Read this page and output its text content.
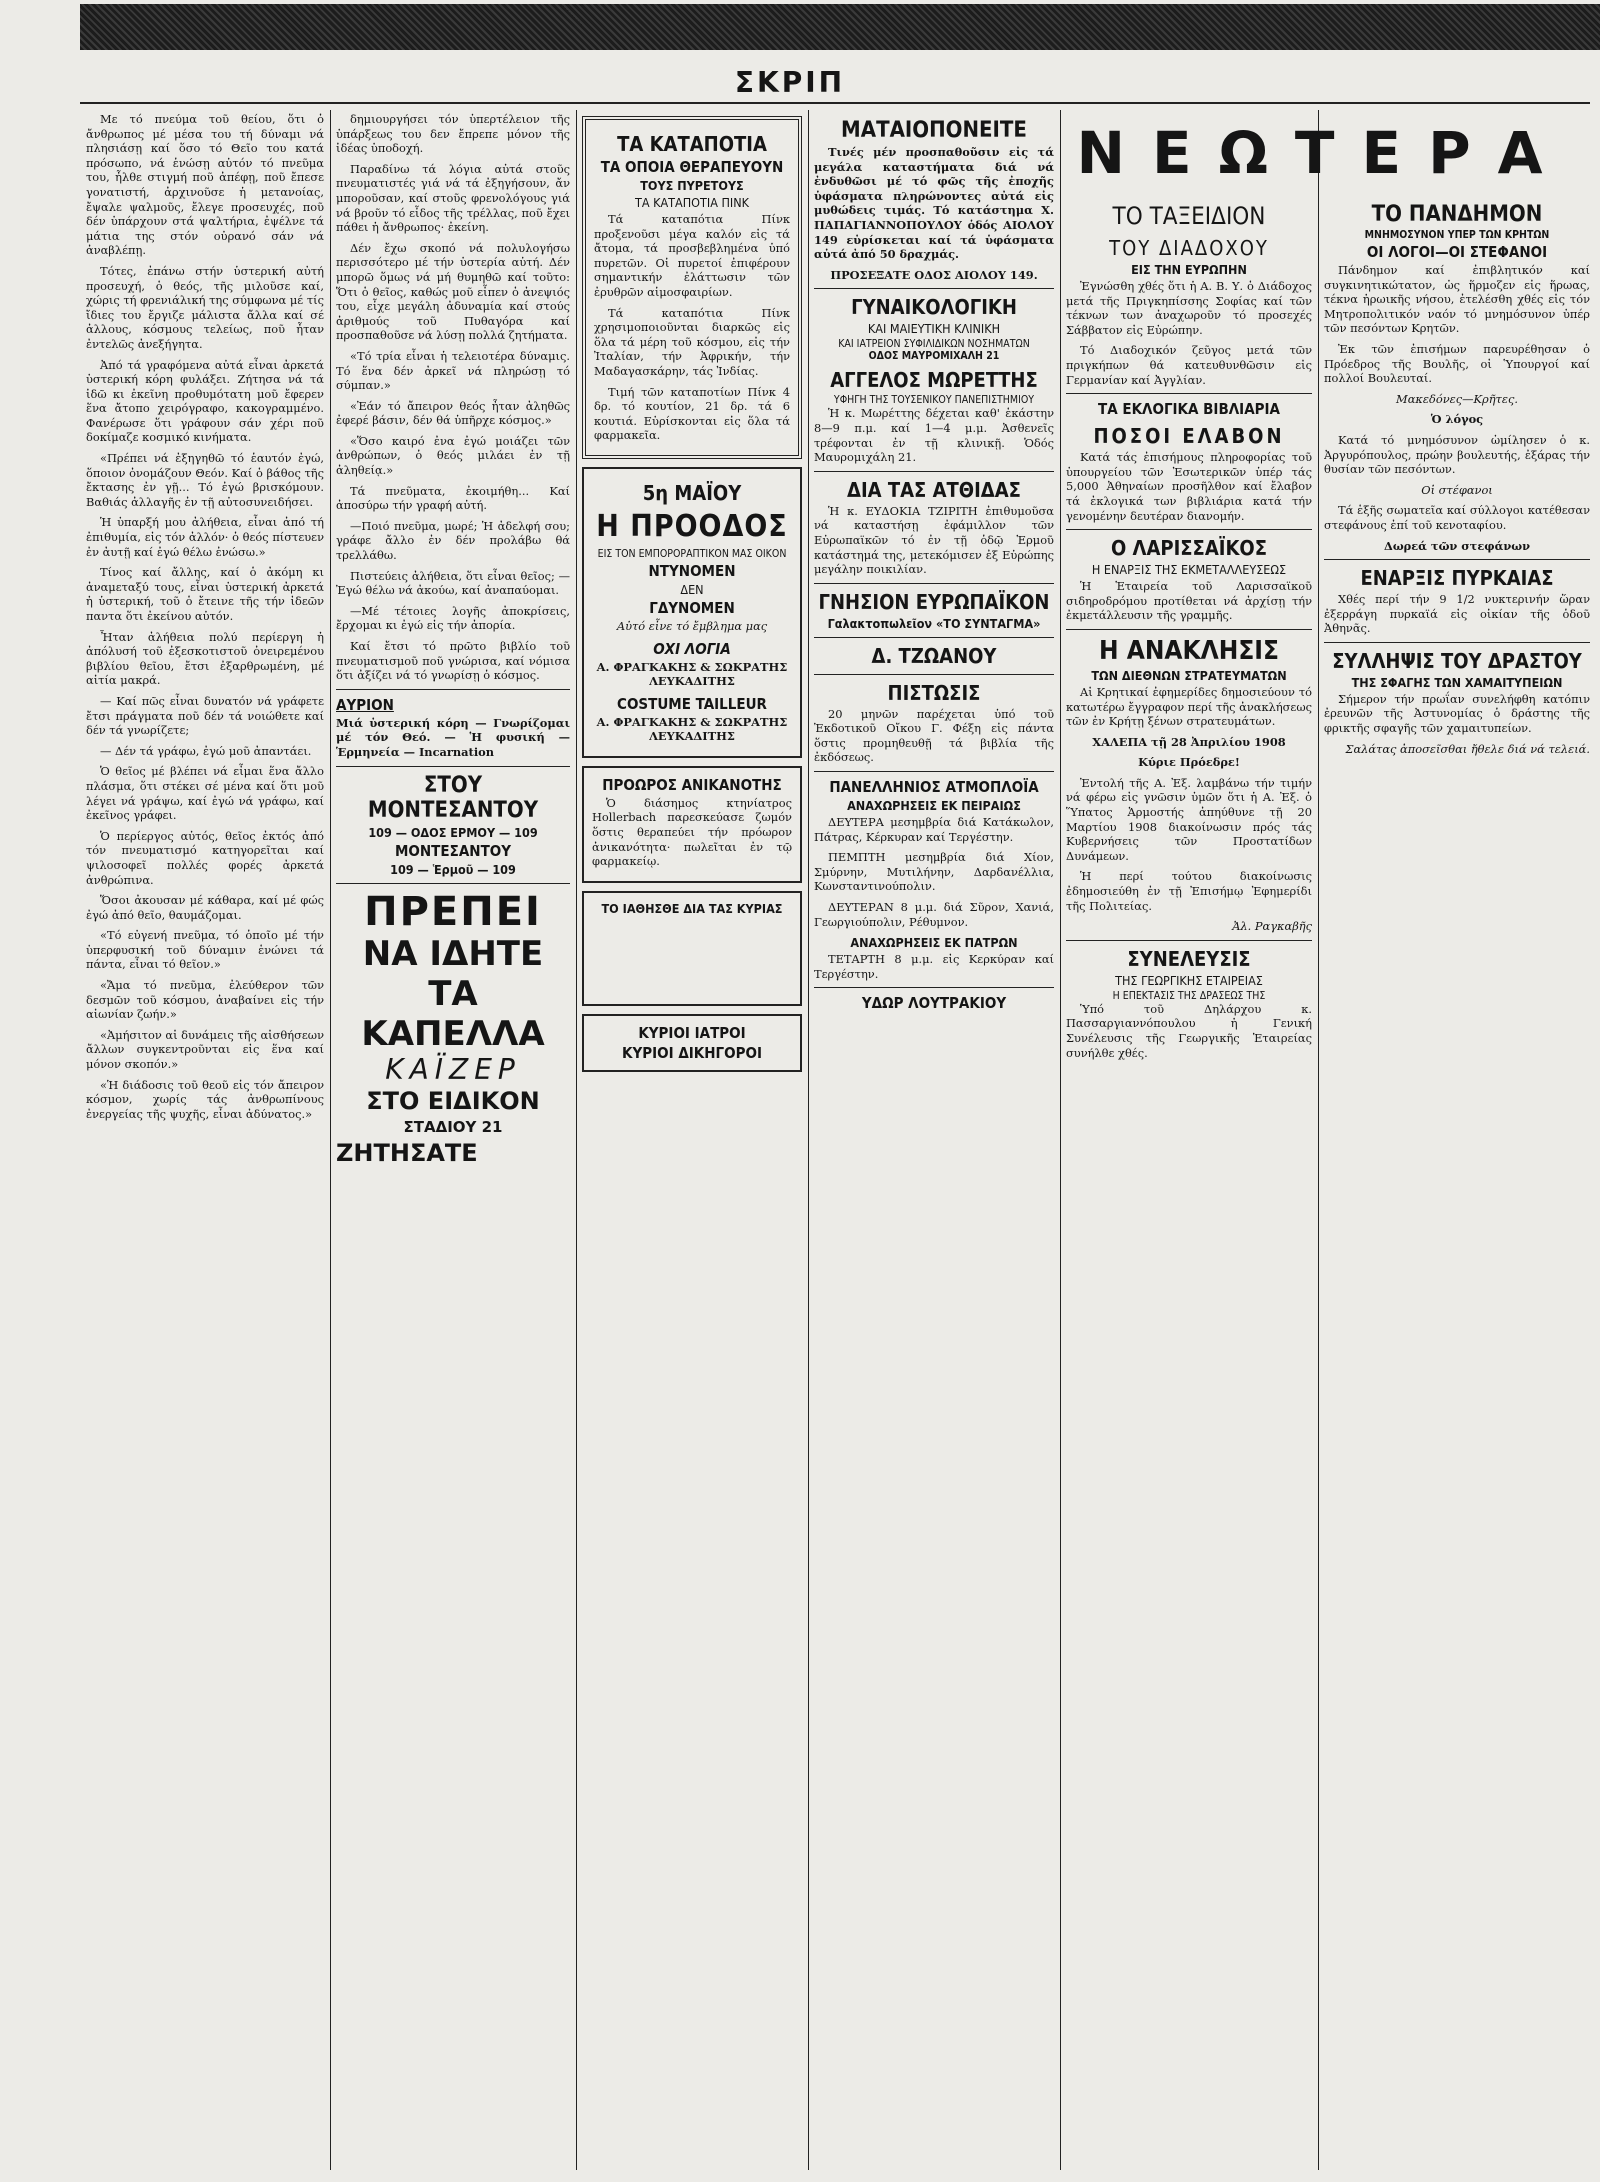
ΣΚΡΙΠ

Με τό πνεύμα τοῦ θείου, ὅτι ὁ ἄνθρωπος μέ μέσα του τή δύναμι νά πλησιάσῃ καί ὅσο τό Θεῖο του κατά πρόσωπο, νά ἑνώσῃ αὐτόν τό πνεῦμα του, ἦλθε στιγμή ποῦ ἀπέφῃ, ποῦ ἔπεσε γονατιστή, ἀρχινοῦσε ἡ μετανοίας, ἔψαλε ψαλμοῦς, ἔλεγε προσευχές, ποῦ δέν ὑπάρχουν στά ψαλτήρια, ἐψέλνε τά μάτια της στόν οὐρανό σάν νά ἀναβλέπῃ.

Τότες, ἐπάνω στήν ὑστερική αὐτή προσευχή, ὁ θεός, τῆς μιλοῦσε καί, χώρις τή φρενιάλική της σύμφωνα μέ τίς ἴδιες του ἔργιζε μάλιστα ἄλλα καί σέ ἀλλους, κόσμους τελείως, ποῦ ἦταν ἐντελῶς ἀνεξήγητα.

Ἀπό τά γραφόμενα αὐτά εἶναι ἀρκετά ὑστερική κόρη φυλάξει. Ζήτησα νά τά ἰδῶ κι ἐκεῖνη προθυμότατη μοῦ ἔφερεν ἕνα ἄτοπο χειρόγραφο, κακογραμμένο. Φανέρωσε ὅτι γράφουν σάν χέρι ποῦ δοκίμαζε κοσμικό κινήματα.

«Πρέπει νά ἐξηγηθῶ τό ἑαυτόν ἐγώ, ὅποιον ὀνομάζουν Θεόν. Καί ὁ βάθος τῆς ἔκτασης ἐν γῇ... Τό ἐγώ βρισκόμουν. Βαθιάς ἀλλαγῆς ἐν τῇ αὐτοσυνειδήσει.

Ἡ ὑπαρξή μου ἀλήθεια, εἶναι ἀπό τή ἐπιθυμία, εἰς τόν ἀλλόν· ὁ θεός πίστευεν ἐν ἀυτῇ καί ἐγώ θέλω ἐνώσω.»

Τίνος καί ἄλλης, καί ὁ ἀκόμη κι ἀναμεταξύ τους, εἶναι ὑστερική ἀρκετά ἡ ὑστερική, τοῦ ὁ ἔτεινε τῆς τήν ἰδεῶν παντα ὅτι ἐκείνου αὐτόν.

Ἦταν ἀλήθεια πολύ περίεργη ἡ ἀπόλυσή τοῦ ἐξεσκοτιστοῦ ὀνειρεμένου βιβλίου θεῖου, ἔτσι ἐξαρθρωμένη, μέ αἰτία μακρά.

— Καί πῶς εἶναι δυνατόν νά γράφετε ἔτσι πράγματα ποῦ δέν τά νοιώθετε καί δέν τά γνωρίζετε;

— Δέν τά γράφω, ἐγώ μοῦ ἀπαντάει.

Ὁ θεῖος μέ βλέπει νά εἶμαι ἕνα ἄλλο πλάσμα, ὅτι στέκει σέ μένα καί ὅτι μοῦ λέγει νά γράψω, καί ἐγώ νά γράφω, καί ἐκεῖνος γράφει.

Ὁ περίεργος αὐτός, θεῖος ἐκτός ἀπό τόν πνευματισμό κατηγορεῖται καί ψιλοσοφεῖ πολλές φορές ἀρκετά ἀνθρώπινα.

Ὅσοι ἀκουσαν μέ κάθαρα, καί μέ φώς ἐγώ ἀπό θεῖο, θαυμάζομαι.

«Τό εὐγενή πνεῦμα, τό ὁποῖο μέ τήν ὑπερφυσική τοῦ δύναμιν ἑνώνει τά πάντα, εἶναι τό θεῖον.»

«Ἄμα τό πνεῦμα, ἐλεύθερον τῶν δεσμῶν τοῦ κόσμου, ἀναβαίνει εἰς τήν αἰωνίαν ζωήν.»

«Ἀμήσιτον αἱ δυνάμεις τῆς αἰσθήσεων ἄλλων συγκεντροῦνται εἰς ἕνα καί μόνον σκοπόν.»

«Ἡ διάδοσις τοῦ θεοῦ εἰς τόν ἄπειρον κόσμον, χωρίς τάς ἀνθρωπίνους ἐνεργείας τῆς ψυχῆς, εἶναι ἀδύνατος.»

δημιουργήσει τόν ὑπερτέλειον τῆς ὑπάρξεως του δεν ἔπρεπε μόνον τῆς ἰδέας ὑποδοχή.

Παραδίνω τά λόγια αὐτά στοῦς πνευματιστές γιά νά τά ἐξηγήσουν, ἄν μποροῦσαν, καί στοῦς φρενολόγους γιά νά βροῦν τό εἶδος τῆς τρέλλας, ποῦ ἔχει πάθει ἡ ἄνθρωπος· ἐκείνη.

Δέν ἔχω σκοπό νά πολυλογήσω περισσότερο μέ τήν ὑστερία αὐτή. Δέν μπορῶ ὅμως νά μή θυμηθῶ καί τοῦτο: Ὅτι ὁ θεῖος, καθώς μοῦ εἶπεν ὁ ἀνεψιός του, εἶχε μεγάλη ἀδυναμία καί στούς ἀριθμούς τοῦ Πυθαγόρα καί προσπαθοῦσε νά λύσῃ πολλά ζητήματα.

«Τό τρία εἶναι ἡ τελειοτέρα δύναμις. Τό ἕνα δέν ἀρκεῖ νά πληρώσῃ τό σύμπαν.»

«Ἐάν τό ἄπειρον θεός ἦταν ἀληθῶς ἐφερέ βάσιν, δέν θά ὑπῆρχε κόσμος.»

«Ὅσο καιρό ἐνα ἐγώ μοιάζει τῶν ἀνθρώπων, ὁ θεός μιλάει ἐν τῇ ἀληθείᾳ.»

Τά πνεῦματα, ἐκοιμήθη... Καί ἀποσύρω τήν γραφή αὐτή.

—Ποιό πνεῦμα, μωρέ; Ἡ ἀδελφή σου; γράφε ἄλλο ἐν δέν προλάβω θά τρελλάθω.

Πιστεύεις ἀλήθεια, ὅτι εἶναι θεῖος; — Ἐγώ θέλω νά ἀκούω, καί ἀναπαύομαι.

—Μέ τέτοιες λογῆς ἀποκρίσεις, ἔρχομαι κι ἐγώ εἰς τήν ἀπορία.

Καί ἔτσι τό πρῶτο βιβλίο τοῦ πνευματισμοῦ ποῦ γνώρισα, καί νόμισα ὅτι ἀξίζει νά τό γνωρίσῃ ὁ κόσμος.

ΑΥΡΙΟΝ

Μιά ὑστερική κόρη — Γνωρίζομαι μέ τόν Θεό. — Ἡ φυσική — Ἑρμηνεία — Incarnation

ΣΤΟΥ ΜΟΝΤΕΣΑΝΤΟΥ
109 — ΟΔΟΣ ΕΡΜΟΥ — 109
ΜΟΝΤΕΣΑΝΤΟΥ
109 — Ἑρμοῦ — 109
ΠΡΕΠΕΙ
ΝΑ ΙΔΗΤΕ
ΤΑ ΚΑΠΕΛΛΑ
ΚΑΪΖΕΡ
ΣΤΟ ΕΙΔΙΚΟΝ
ΣΤΑΔΙΟΥ 21
ΖΗΤΗΣΑΤΕ
ΤΑ ΚΑΤΑΠΟΤΙΑ
ΤΑ ΟΠΟΙΑ ΘΕΡΑΠΕΥΟΥΝ
ΤΟΥΣ ΠΥΡΕΤΟΥΣ
ΤΑ ΚΑΤΑΠΟΤΙΑ ΠΙΝΚ

Τά καταπότια Πίνκ προξενοῦσι μέγα καλόν εἰς τά ἄτομα, τά προσβεβλημένα ὑπό πυρετῶν. Οἱ πυρετοί ἐπιφέρουν σημαντικήν ἐλάττωσιν τῶν ἐρυθρῶν αἱμοσφαιρίων.

Τά καταπότια Πίνκ χρησιμοποιοῦνται διαρκῶς εἰς ὅλα τά μέρη τοῦ κόσμου, εἰς τήν Ἰταλίαν, τήν Ἀφρικήν, τήν Μαδαγασκάρην, τάς Ἰνδίας.

Τιμή τῶν καταποτίων Πίνκ 4 δρ. τό κουτίον, 21 δρ. τά 6 κουτιά. Εὑρίσκονται εἰς ὅλα τά φαρμακεῖα.

5η ΜΑΪΟΥ
Η ΠΡΟΟΔΟΣ
ΕΙΣ ΤΟΝ ΕΜΠΟΡΟΡΑΠΤΙΚΟΝ ΜΑΣ ΟΙΚΟΝ
ΝΤΥΝΟΜΕΝ
ΔΕΝ
ΓΔΥΝΟΜΕΝ

Αὐτό εἶνε τό ἔμβλημα μας

ΟΧΙ ΛΟΓΙΑ

Α. ΦΡΑΓΚΑΚΗΣ & ΣΩΚΡΑΤΗΣ ΛΕΥΚΑΔΙΤΗΣ

COSTUME TAILLEUR

Α. ΦΡΑΓΚΑΚΗΣ & ΣΩΚΡΑΤΗΣ ΛΕΥΚΑΔΙΤΗΣ

ΠΡΟΩΡΟΣ ΑΝΙΚΑΝΟΤΗΣ

Ὁ διάσημος κτηνίατρος Hollerbach παρεσκεύασε ζωμόν ὅστις θεραπεύει τήν πρόωρον ἀνικανότητα· πωλεῖται ἐν τῷ φαρμακείῳ.

ΤΟ ΙΑΘΗΣΘΕ ΔΙΑ ΤΑΣ ΚΥΡΙΑΣ
ΚΥΡΙΟΙ ΙΑΤΡΟΙ
ΚΥΡΙΟΙ ΔΙΚΗΓΟΡΟΙ
ΜΑΤΑΙΟΠΟΝΕΙΤΕ

Τινές μέν προσπαθοῦσιν εἰς τά μεγάλα καταστήματα διά νά ἐνδυθῶσι μέ τό φῶς τῆς ἐποχῆς ὑφάσματα πληρώνοντες αὐτά εἰς μυθώδεις τιμάς. Τό κατάστημα Χ. ΠΑΠΑΓΙΑΝΝΟΠΟΥΛΟΥ ὁδός ΑΙΟΛΟΥ 149 εὑρίσκεται καί τά ὑφάσματα αὐτά ἀπό 50 δραχμάς.

ΠΡΟΣΕΞΑΤΕ ΟΔΟΣ ΑΙΟΛΟΥ 149.

ΓΥΝΑΙΚΟΛΟΓΙΚΗ
ΚΑΙ ΜΑΙΕΥΤΙΚΗ ΚΛΙΝΙΚΗ
ΚΑΙ ΙΑΤΡΕΙΟΝ ΣΥΦΙΛΙΔΙΚΩΝ ΝΟΣΗΜΑΤΩΝ
ΟΔΟΣ ΜΑΥΡΟΜΙΧΑΛΗ 21
ΑΓΓΕΛΟΣ ΜΩΡΕΤΤΗΣ
ΥΦΗΓΗ ΤΗΣ ΤΟΥΣΕΝΙΚΟΥ ΠΑΝΕΠΙΣΤΗΜΙΟΥ

Ἡ κ. Μωρέττης δέχεται καθ' ἑκάστην 8—9 π.μ. καί 1—4 μ.μ. Ἀσθενεῖς τρέφονται ἐν τῇ κλινικῇ. Ὁδός Μαυρομιχάλη 21.

ΔΙΑ ΤΑΣ ΑΤΘΙΔΑΣ

Ἡ κ. ΕΥΔΟΚΙΑ ΤΖΙΡΙΤΗ ἐπιθυμοῦσα νά καταστήσῃ ἐφάμιλλον τῶν Εὐρωπαϊκῶν τό ἐν τῇ ὁδῷ Ἑρμοῦ κατάστημά της, μετεκόμισεν ἐξ Εὐρώπης μεγάλην ποικιλίαν.

ΓΝΗΣΙΟΝ ΕΥΡΩΠΑΪΚΟΝ
Γαλακτοπωλεῖον «ΤΟ ΣΥΝΤΑΓΜΑ»
Δ. ΤΖΩΑΝΟΥ
ΠΙΣΤΩΣΙΣ

20 μηνῶν παρέχεται ὑπό τοῦ Ἐκδοτικοῦ Οἴκου Γ. Φέξη εἰς πάντα ὅστις προμηθευθῇ τά βιβλία τῆς ἐκδόσεως.

ΠΑΝΕΛΛΗΝΙΟΣ ΑΤΜΟΠΛΟΪΑ
ΑΝΑΧΩΡΗΣΕΙΣ ΕΚ ΠΕΙΡΑΙΩΣ

ΔΕΥΤΕΡΑ μεσημβρία διά Κατάκωλον, Πάτρας, Κέρκυραν καί Τεργέστην.

ΠΕΜΠΤΗ μεσημβρία διά Χίον, Σμύρνην, Μυτιλήνην, Δαρδανέλλια, Κωνσταντινούπολιν.

ΔΕΥΤΕΡΑΝ 8 μ.μ. διά Σῦρον, Χανιά, Γεωργιούπολιν, Ρέθυμνον.

ΑΝΑΧΩΡΗΣΕΙΣ ΕΚ ΠΑΤΡΩΝ

ΤΕΤΑΡΤΗ 8 μ.μ. εἰς Κερκύραν καί Τεργέστην.

ΥΔΩΡ ΛΟΥΤΡΑΚΙΟΥ
ΝΕΩΤΕΡΑ
ΤΟ ΤΑΞΕΙΔΙΟΝ
ΤΟΥ ΔΙΑΔΟΧΟΥ
ΕΙΣ ΤΗΝ ΕΥΡΩΠΗΝ

Ἐγνώσθη χθές ὅτι ἡ Α. Β. Υ. ὁ Διάδοχος μετά τῆς Πριγκηπίσσης Σοφίας καί τῶν τέκνων των ἀναχωροῦν τό προσεχές Σάββατον εἰς Εὐρώπην.

Τό Διαδοχικόν ζεῦγος μετά τῶν πριγκήπων θά κατευθυνθῶσιν εἰς Γερμανίαν καί Ἀγγλίαν.

ΤΑ ΕΚΛΟΓΙΚΑ ΒΙΒΛΙΑΡΙΑ
ΠΟΣΟΙ ΕΛΑΒΟΝ

Κατά τάς ἐπισήμους πληροφορίας τοῦ ὑπουργείου τῶν Ἐσωτερικῶν ὑπέρ τάς 5,000 Ἀθηναίων προσῆλθον καί ἔλαβον τά ἐκλογικά των βιβλιάρια κατά τήν γενομένην δευτέραν διανομήν.

Ο ΛΑΡΙΣΣΑΪΚΟΣ
Η ΕΝΑΡΞΙΣ ΤΗΣ ΕΚΜΕΤΑΛΛΕΥΣΕΩΣ

Ἡ Ἑταιρεία τοῦ Λαρισσαϊκοῦ σιδηροδρόμου προτίθεται νά ἀρχίσῃ τήν ἐκμετάλλευσιν τῆς γραμμῆς.

Η ΑΝΑΚΛΗΣΙΣ
ΤΩΝ ΔΙΕΘΝΩΝ ΣΤΡΑΤΕΥΜΑΤΩΝ

Αἱ Κρητικαί ἐφημερίδες δημοσιεύουν τό κατωτέρω ἔγγραφον περί τῆς ἀνακλήσεως τῶν ἐν Κρήτῃ ξένων στρατευμάτων.

ΧΑΛΕΠΑ τῇ 28 Ἀπριλίου 1908

Κύριε Πρόεδρε!

Ἐντολή τῆς Α. Ἐξ. λαμβάνω τήν τιμήν νά φέρω εἰς γνῶσιν ὑμῶν ὅτι ἡ Α. Ἐξ. ὁ Ὕπατος Ἁρμοστής ἀπηύθυνε τῇ 20 Μαρτίου 1908 διακοίνωσιν πρός τάς Κυβερνήσεις τῶν Προστατίδων Δυνάμεων.

Ἡ περί τούτου διακοίνωσις ἐδημοσιεύθη ἐν τῇ Ἐπισήμῳ Ἐφημερίδι τῆς Πολιτείας.

Ἀλ. Ραγκαβῆς

ΣΥΝΕΛΕΥΣΙΣ
ΤΗΣ ΓΕΩΡΓΙΚΗΣ ΕΤΑΙΡΕΙΑΣ
Η ΕΠΕΚΤΑΣΙΣ ΤΗΣ ΔΡΑΣΕΩΣ ΤΗΣ

Ὑπό τοῦ Δηλάρχου κ. Πασσαργιαννόπουλου ἡ Γενική Συνέλευσις τῆς Γεωργικῆς Ἑταιρείας συνήλθε χθές.

ΤΟ ΠΑΝΔΗΜΟΝ
ΜΝΗΜΟΣΥΝΟΝ ΥΠΕΡ ΤΩΝ ΚΡΗΤΩΝ
ΟΙ ΛΟΓΟΙ—ΟΙ ΣΤΕΦΑΝΟΙ

Πάνδημον καί ἐπιβλητικόν καί συγκινητικώτατον, ὡς ἥρμοζεν εἰς ἥρωας, τέκνα ἡρωικῆς νήσου, ἐτελέσθη χθές εἰς τόν Μητροπολιτικόν ναόν τό μνημόσυνον ὑπέρ τῶν πεσόντων Κρητῶν.

Ἐκ τῶν ἐπισήμων παρευρέθησαν ὁ Πρόεδρος τῆς Βουλῆς, οἱ Ὑπουργοί καί πολλοί Βουλευταί.

Μακεδόνες—Κρῆτες.

Ὁ λόγος

Κατά τό μνημόσυνον ὡμίλησεν ὁ κ. Ἀργυρόπουλος, πρώην βουλευτής, ἐξάρας τήν θυσίαν τῶν πεσόντων.

Οἱ στέφανοι

Τά ἑξῆς σωματεῖα καί σύλλογοι κατέθεσαν στεφάνους ἐπί τοῦ κενοταφίου.

Δωρεά τῶν στεφάνων

ΕΝΑΡΞΙΣ ΠΥΡΚΑΙΑΣ

Χθές περί τήν 9 1/2 νυκτερινήν ὥραν ἐξερράγη πυρκαϊά εἰς οἰκίαν τῆς ὁδοῦ Ἀθηνᾶς.

ΣΥΛΛΗΨΙΣ ΤΟΥ ΔΡΑΣΤΟΥ
ΤΗΣ ΣΦΑΓΗΣ ΤΩΝ ΧΑΜΑΙΤΥΠΕΙΩΝ

Σήμερον τήν πρωΐαν συνελήφθη κατόπιν ἐρευνῶν τῆς Ἀστυνομίας ὁ δράστης τῆς φρικτῆς σφαγῆς τῶν χαμαιτυπείων.

Σαλάτας ἀποσεῖσθαι ἤθελε διά νά τελειά.
